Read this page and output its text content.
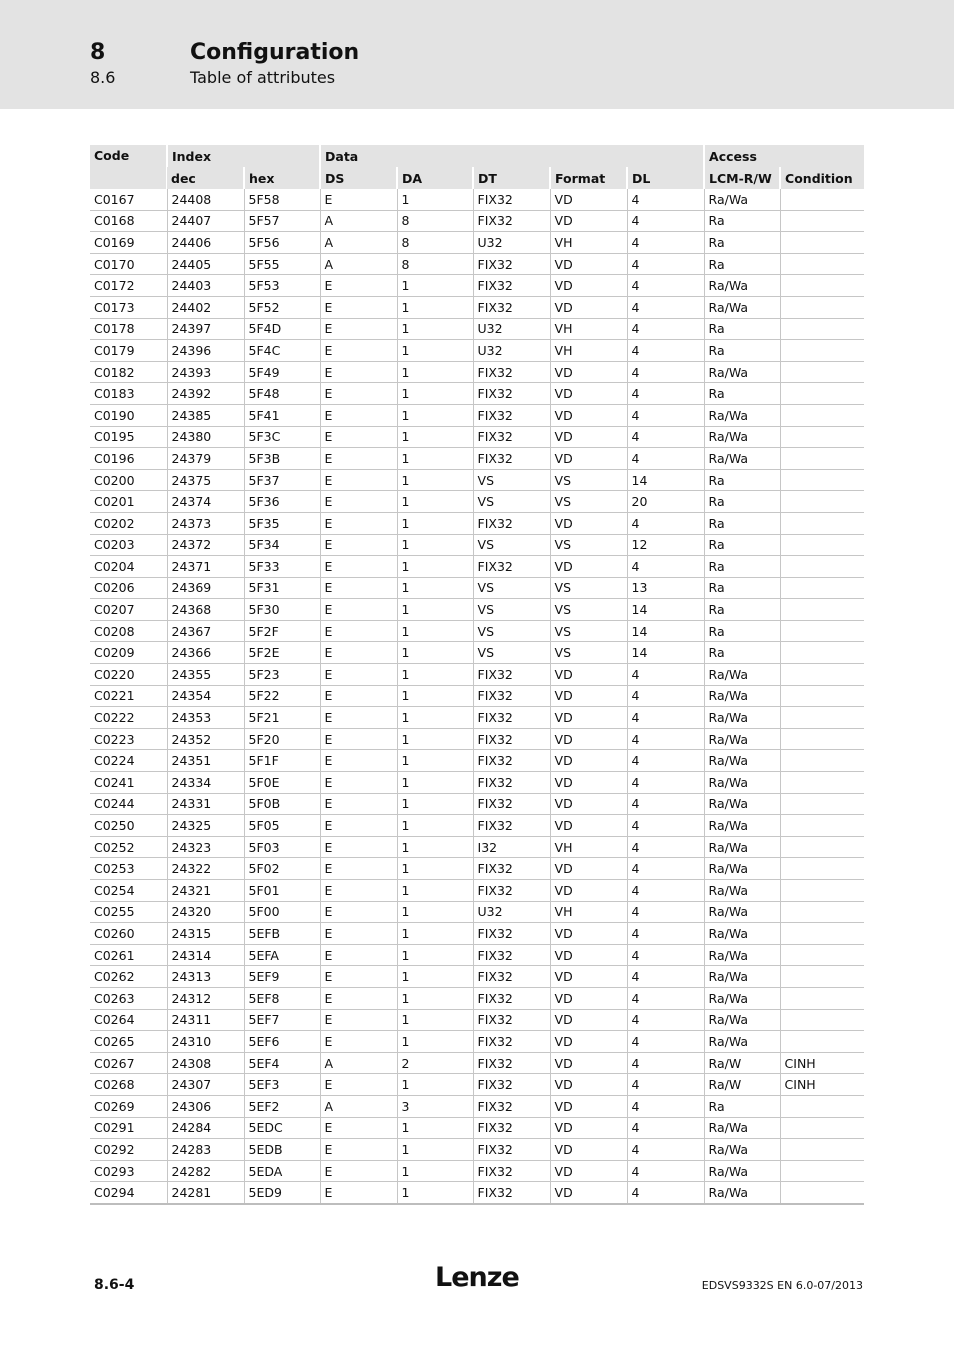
8	Configuration
8.6	Table of attributes
Code	Index		Data					Access	
	dec	hex	DS	DA	DT	Format	DL	LCM-R/W	Condition
C0167	24408	5F58	E	1	FIX32	VD	4	Ra/Wa	
C0168	24407	5F57	A	8	FIX32	VD	4	Ra	
C0169	24406	5F56	A	8	U32	VH	4	Ra	
C0170	24405	5F55	A	8	FIX32	VD	4	Ra	
C0172	24403	5F53	E	1	FIX32	VD	4	Ra/Wa	
C0173	24402	5F52	E	1	FIX32	VD	4	Ra/Wa	
C0178	24397	5F4D	E	1	U32	VH	4	Ra	
C0179	24396	5F4C	E	1	U32	VH	4	Ra	
C0182	24393	5F49	E	1	FIX32	VD	4	Ra/Wa	
C0183	24392	5F48	E	1	FIX32	VD	4	Ra	
C0190	24385	5F41	E	1	FIX32	VD	4	Ra/Wa	
C0195	24380	5F3C	E	1	FIX32	VD	4	Ra/Wa	
C0196	24379	5F3B	E	1	FIX32	VD	4	Ra/Wa	
C0200	24375	5F37	E	1	VS	VS	14	Ra	
C0201	24374	5F36	E	1	VS	VS	20	Ra	
C0202	24373	5F35	E	1	FIX32	VD	4	Ra	
C0203	24372	5F34	E	1	VS	VS	12	Ra	
C0204	24371	5F33	E	1	FIX32	VD	4	Ra	
C0206	24369	5F31	E	1	VS	VS	13	Ra	
C0207	24368	5F30	E	1	VS	VS	14	Ra	
C0208	24367	5F2F	E	1	VS	VS	14	Ra	
C0209	24366	5F2E	E	1	VS	VS	14	Ra	
C0220	24355	5F23	E	1	FIX32	VD	4	Ra/Wa	
C0221	24354	5F22	E	1	FIX32	VD	4	Ra/Wa	
C0222	24353	5F21	E	1	FIX32	VD	4	Ra/Wa	
C0223	24352	5F20	E	1	FIX32	VD	4	Ra/Wa	
C0224	24351	5F1F	E	1	FIX32	VD	4	Ra/Wa	
C0241	24334	5F0E	E	1	FIX32	VD	4	Ra/Wa	
C0244	24331	5F0B	E	1	FIX32	VD	4	Ra/Wa	
C0250	24325	5F05	E	1	FIX32	VD	4	Ra/Wa	
C0252	24323	5F03	E	1	I32	VH	4	Ra/Wa	
C0253	24322	5F02	E	1	FIX32	VD	4	Ra/Wa	
C0254	24321	5F01	E	1	FIX32	VD	4	Ra/Wa	
C0255	24320	5F00	E	1	U32	VH	4	Ra/Wa	
C0260	24315	5EFB	E	1	FIX32	VD	4	Ra/Wa	
C0261	24314	5EFA	E	1	FIX32	VD	4	Ra/Wa	
C0262	24313	5EF9	E	1	FIX32	VD	4	Ra/Wa	
C0263	24312	5EF8	E	1	FIX32	VD	4	Ra/Wa	
C0264	24311	5EF7	E	1	FIX32	VD	4	Ra/Wa	
C0265	24310	5EF6	E	1	FIX32	VD	4	Ra/Wa	
C0267	24308	5EF4	A	2	FIX32	VD	4	Ra/W	CINH
C0268	24307	5EF3	E	1	FIX32	VD	4	Ra/W	CINH
C0269	24306	5EF2	A	3	FIX32	VD	4	Ra	
C0291	24284	5EDC	E	1	FIX32	VD	4	Ra/Wa	
C0292	24283	5EDB	E	1	FIX32	VD	4	Ra/Wa	
C0293	24282	5EDA	E	1	FIX32	VD	4	Ra/Wa	
C0294	24281	5ED9	E	1	FIX32	VD	4	Ra/Wa	
8.6-4	Lenze	EDSVS9332S EN 6.0-07/2013
